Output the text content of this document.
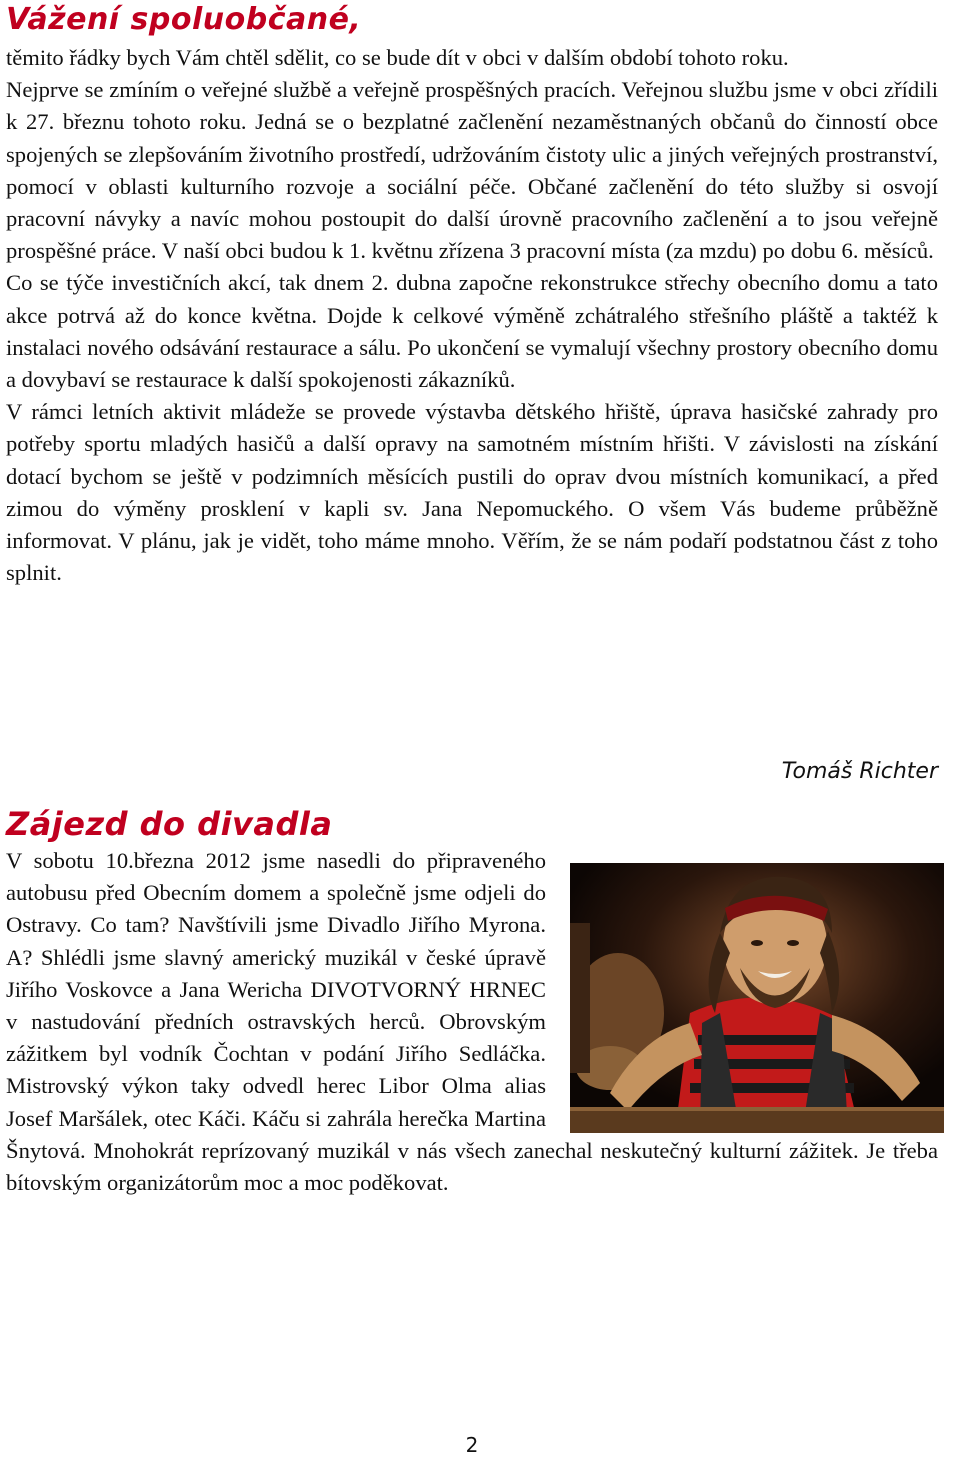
Vážení spoluobčané,

těmito řádky bych Vám chtěl sdělit, co se bude dít v obci v dalším období tohoto roku.

Nejprve se zmíním o veřejné službě a veřejně prospěšných pracích. Veřejnou službu jsme v obci zřídili k 27. březnu tohoto roku. Jedná se o bezplatné začlenění nezaměstnaných občanů do činností obce spojených se zlepšováním životního prostředí, udržováním čistoty ulic a jiných veřejných prostranství, pomocí v oblasti kulturního rozvoje a sociální péče. Občané začlenění do této služby si osvojí pracovní návyky a navíc mohou postoupit do další úrovně pracovního začlenění a to jsou veřejně prospěšné práce. V naší obci budou k 1. květnu zřízena 3 pracovní místa (za mzdu) po dobu 6. měsíců.

Co se týče investičních akcí, tak dnem 2. dubna započne rekonstrukce střechy obecního domu a tato akce potrvá až do konce května. Dojde k celkové výměně zchátralého střešního pláště a taktéž k instalaci nového odsávání restaurace a sálu. Po ukončení se vymalují všechny prostory obecního domu a dovybaví se restaurace k další spokojenosti zákazníků.

V rámci letních aktivit mládeže se provede výstavba dětského hřiště, úprava hasičské zahrady pro potřeby sportu mladých hasičů a další opravy na samotném místním hřišti. V závislosti na získání dotací bychom se ještě v podzimních měsících pustili do oprav dvou místních komunikací, a před zimou do výměny prosklení v kapli sv. Jana Nepomuckého. O všem Vás budeme průběžně informovat. V plánu, jak je vidět, toho máme mnoho. Věřím, že se nám podaří podstatnou část z toho splnit.

Tomáš Richter
Zájezd do divadla

V sobotu 10.března 2012 jsme nasedli do připraveného autobusu před Obecním domem a společně jsme odjeli do Ostravy. Co tam? Navštívili jsme Divadlo Jiřího Myrona. A? Shlédli jsme slavný americký muzikál v české úpravě Jiřího Voskovce a Jana Wericha DIVOTVORNÝ HRNEC v nastudování předních ostravských herců. Obrovským zážitkem byl vodník Čochtan v podání Jiřího Sedláčka. Mistrovský výkon taky odvedl herec Libor Olma alias Josef Maršálek, otec Káči. Káču si zahrála herečka Martina Šnytová. Mnohokrát reprízovaný muzikál v nás všech zanechal neskutečný kulturní zážitek. Je třeba bítovským organizátorům moc a moc poděkovat.

2
